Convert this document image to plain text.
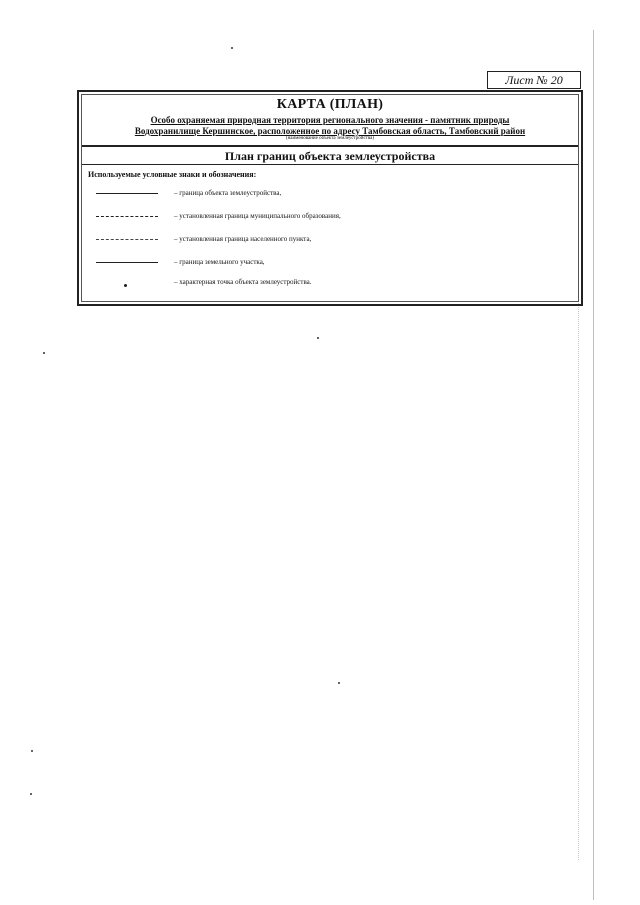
Лист № 20
КАРТА (ПЛАН)
Особо охраняемая природная территория регионального значения - памятник природы
Водохранилище Кершинское, расположенное по адресу Тамбовская область, Тамбовский район
(наименование объекта землеустройства)
План границ объекта землеустройства
Используемые условные знаки и обозначения:
– граница объекта землеустройства,
– установленная граница муниципального образования,
– установленная граница населенного пункта,
– граница земельного участка,
– характерная точка объекта землеустройства.
